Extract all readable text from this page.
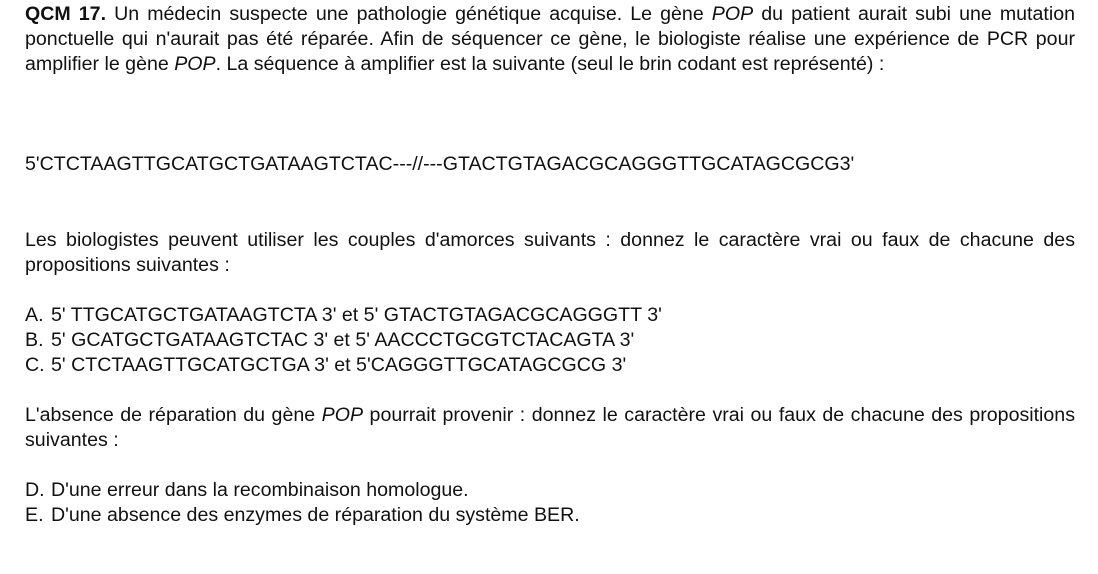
QCM 17. Un médecin suspecte une pathologie génétique acquise. Le gène POP du patient aurait subi une mutation ponctuelle qui n'aurait pas été réparée. Afin de séquencer ce gène, le biologiste réalise une expérience de PCR pour amplifier le gène POP. La séquence à amplifier est la suivante (seul le brin codant est représenté) :

5'CTCTAAGTTGCATGCTGATAAGTCTAC---//---GTACTGTAGACGCAGGGTTGCATAGCGCG3'

Les biologistes peuvent utiliser les couples d'amorces suivants : donnez le caractère vrai ou faux de chacune des propositions suivantes :

A. 5' TTGCATGCTGATAAGTCTA 3' et 5' GTACTGTAGACGCAGGGTT 3'

B. 5' GCATGCTGATAAGTCTAC 3' et 5' AACCCTGCGTCTACAGTA 3'

C. 5' CTCTAAGTTGCATGCTGA 3' et 5'CAGGGTTGCATAGCGCG 3'

L'absence de réparation du gène POP pourrait provenir : donnez le caractère vrai ou faux de chacune des propositions suivantes :

D. D'une erreur dans la recombinaison homologue.

E. D'une absence des enzymes de réparation du système BER.
